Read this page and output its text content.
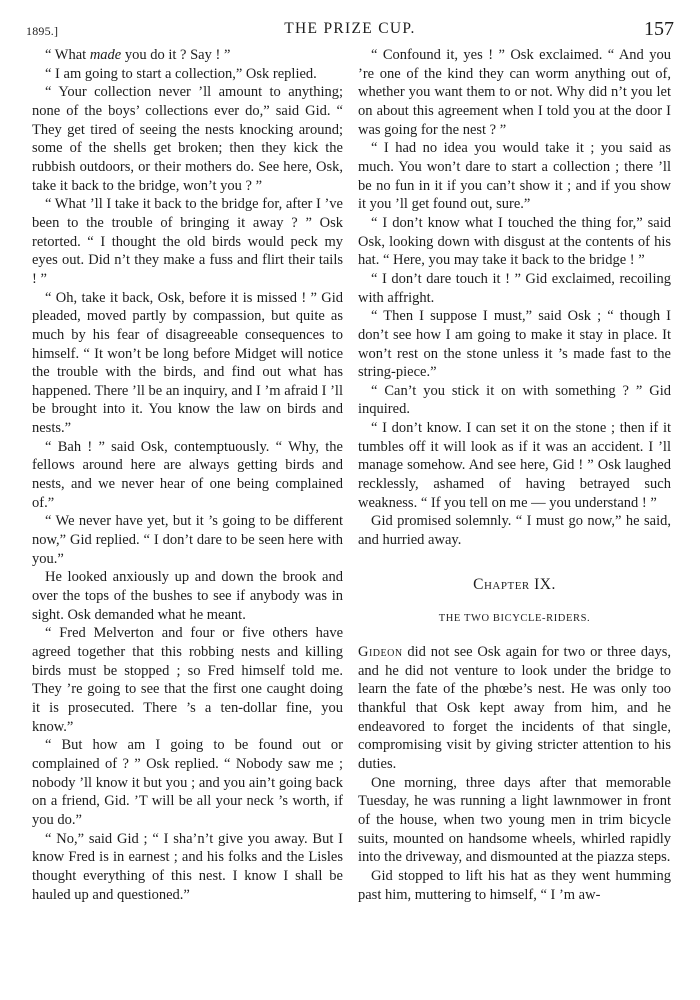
1895.]	THE PRIZE CUP.	157

“ What made you do it ? Say ! ”

“ I am going to start a collection,” Osk replied.

“ Your collection never ’ll amount to anything; none of the boys’ collections ever do,” said Gid. “ They get tired of seeing the nests knocking around; some of the shells get broken; then they kick the rubbish outdoors, or their mothers do. See here, Osk, take it back to the bridge, won’t you ? ”

“ What ’ll I take it back to the bridge for, after I ’ve been to the trouble of bringing it away ? ” Osk retorted. “ I thought the old birds would peck my eyes out. Did n’t they make a fuss and flirt their tails ! ”

“ Oh, take it back, Osk, before it is missed ! ” Gid pleaded, moved partly by compassion, but quite as much by his fear of disagreeable consequences to himself. “ It won’t be long before Midget will notice the trouble with the birds, and find out what has happened. There ’ll be an inquiry, and I ’m afraid I ’ll be brought into it. You know the law on birds and nests.”

“ Bah ! ” said Osk, contemptuously. “ Why, the fellows around here are always getting birds and nests, and we never hear of one being complained of.”

“ We never have yet, but it ’s going to be different now,” Gid replied. “ I don’t dare to be seen here with you.”

He looked anxiously up and down the brook and over the tops of the bushes to see if anybody was in sight. Osk demanded what he meant.

“ Fred Melverton and four or five others have agreed together that this robbing nests and killing birds must be stopped ; so Fred himself told me. They ’re going to see that the first one caught doing it is prosecuted. There ’s a ten-dollar fine, you know.”

“ But how am I going to be found out or complained of ? ” Osk replied. “ Nobody saw me ; nobody ’ll know it but you ; and you ain’t going back on a friend, Gid. ’T will be all your neck ’s worth, if you do.”

“ No,” said Gid ; “ I sha’n’t give you away. But I know Fred is in earnest ; and his folks and the Lisles thought everything of this nest. I know I shall be hauled up and questioned.”

“ Confound it, yes ! ” Osk exclaimed. “ And you ’re one of the kind they can worm anything out of, whether you want them to or not. Why did n’t you let on about this agreement when I told you at the door I was going for the nest ? ”

“ I had no idea you would take it ; you said as much. You won’t dare to start a collection ; there ’ll be no fun in it if you can’t show it ; and if you show it you ’ll get found out, sure.”

“ I don’t know what I touched the thing for,” said Osk, looking down with disgust at the contents of his hat. “ Here, you may take it back to the bridge ! ”

“ I don’t dare touch it ! ” Gid exclaimed, recoiling with affright.

“ Then I suppose I must,” said Osk ; “ though I don’t see how I am going to make it stay in place. It won’t rest on the stone unless it ’s made fast to the string-piece.”

“ Can’t you stick it on with something ? ” Gid inquired.

“ I don’t know. I can set it on the stone ; then if it tumbles off it will look as if it was an accident. I ’ll manage somehow. And see here, Gid ! ” Osk laughed recklessly, ashamed of having betrayed such weakness. “ If you tell on me — you understand ! ”

Gid promised solemnly. “ I must go now,” he said, and hurried away.

Chapter IX.

THE TWO BICYCLE-RIDERS.

Gideon did not see Osk again for two or three days, and he did not venture to look under the bridge to learn the fate of the phœbe’s nest. He was only too thankful that Osk kept away from him, and he endeavored to forget the incidents of that single, compromising visit by giving stricter attention to his duties.

One morning, three days after that memorable Tuesday, he was running a light lawnmower in front of the house, when two young men in trim bicycle suits, mounted on handsome wheels, whirled rapidly into the driveway, and dismounted at the piazza steps.

Gid stopped to lift his hat as they went humming past him, muttering to himself, “ I ’m aw-
